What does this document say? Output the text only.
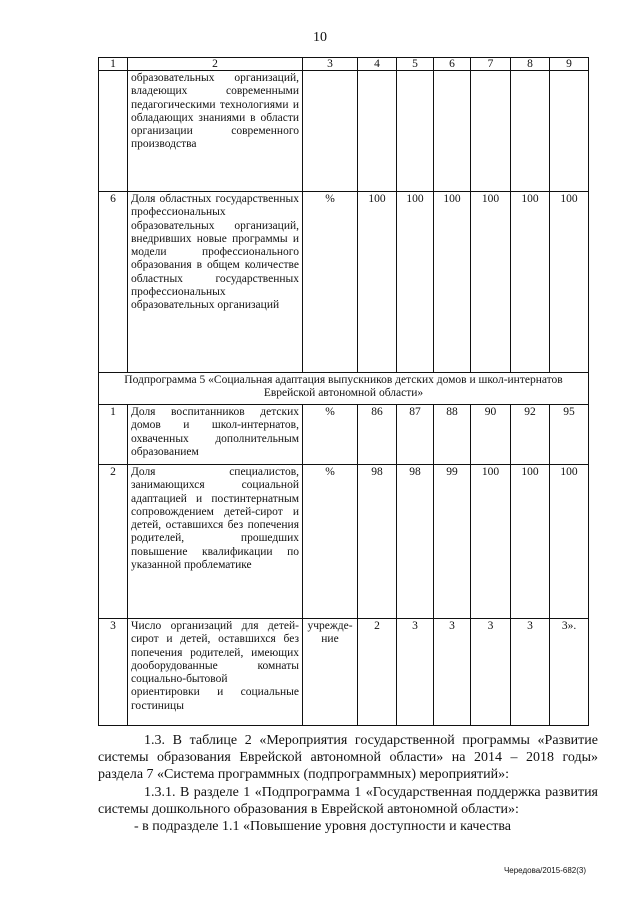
10
1	2	3	4	5	6	7	8	9
	образовательных организаций, владеющих современными педагогическими технологиями и обладающих знаниями в области организации современного производства							
6	Доля областных государственных профессиональных образовательных организаций, внедривших новые программы и модели профессионального образования в общем количестве областных государственных профессиональных образовательных организаций	%	100	100	100	100	100	100
Подпрограмма 5 «Социальная адаптация выпускников детских домов и школ-интернатов Еврейской автономной области»								
1	Доля воспитанников детских домов и школ-интернатов, охваченных дополнительным образованием	%	86	87	88	90	92	95
2	Доля специалистов, занимающихся социальной адаптацией и постинтернатным сопровождением детей-сирот и детей, оставшихся без попечения родителей, прошедших повышение квалификации по указанной проблематике	%	98	98	99	100	100	100
3	Число организаций для детей-сирот и детей, оставшихся без попечения родителей, имеющих дооборудованные комнаты социально-бытовой ориентировки и социальные гостиницы	учрежде-ние	2	3	3	3	3	3».

1.3. В таблице 2 «Мероприятия государственной программы «Развитие системы образования Еврейской автономной области» на 2014 – 2018 годы» раздела 7 «Система программных (подпрограммных) мероприятий»:

1.3.1. В разделе 1 «Подпрограмма 1 «Государственная поддержка развития системы дошкольного образования в Еврейской автономной области»:

- в подразделе 1.1 «Повышение уровня доступности и качества

Чередова/2015-682(3)
